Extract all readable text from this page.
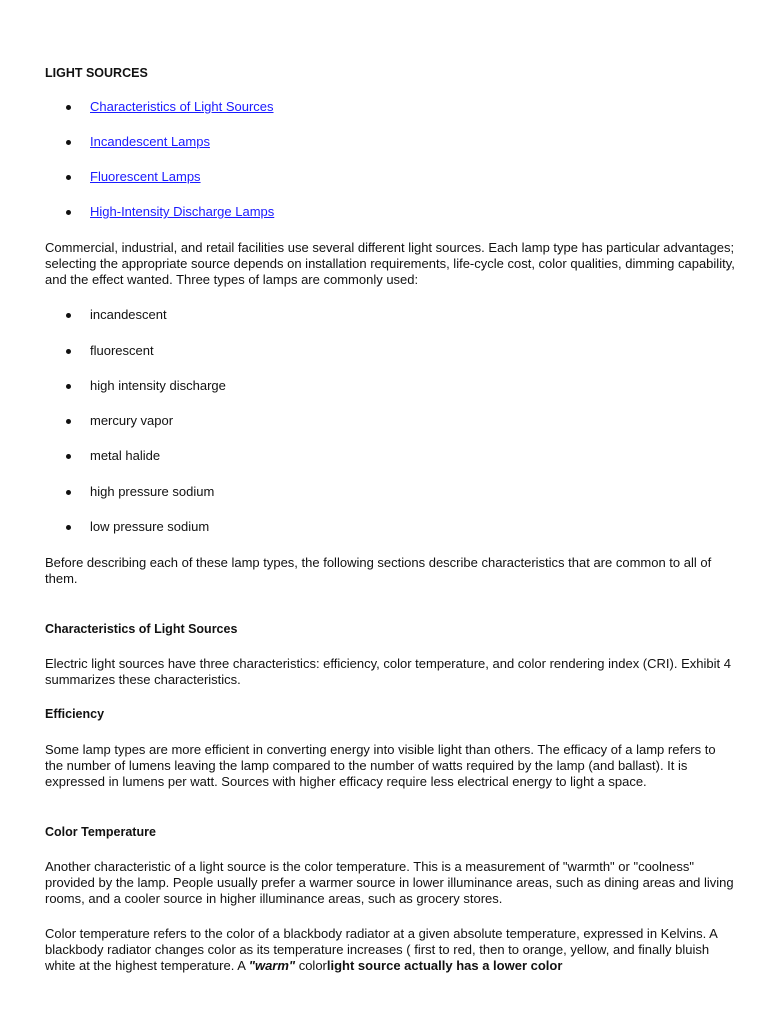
LIGHT SOURCES
Characteristics of Light Sources
Incandescent Lamps
Fluorescent Lamps
High-Intensity Discharge Lamps

Commercial, industrial, and retail facilities use several different light sources. Each lamp type has particular advantages; selecting the appropriate source depends on installation requirements, life-cycle cost, color qualities, dimming capability, and the effect wanted. Three types of lamps are commonly used:

incandescent
fluorescent
high intensity discharge
mercury vapor
metal halide
high pressure sodium
low pressure sodium

Before describing each of these lamp types, the following sections describe characteristics that are common to all of them.

Characteristics of Light Sources

Electric light sources have three characteristics: efficiency, color temperature, and color rendering index (CRI). Exhibit 4 summarizes these characteristics.

Efficiency

Some lamp types are more efficient in converting energy into visible light than others. The efficacy of a lamp refers to the number of lumens leaving the lamp compared to the number of watts required by the lamp (and ballast). It is expressed in lumens per watt. Sources with higher efficacy require less electrical energy to light a space.

Color Temperature

Another characteristic of a light source is the color temperature. This is a measurement of "warmth" or "coolness" provided by the lamp. People usually prefer a warmer source in lower illuminance areas, such as dining areas and living rooms, and a cooler source in higher illuminance areas, such as grocery stores.

Color temperature refers to the color of a blackbody radiator at a given absolute temperature, expressed in Kelvins. A blackbody radiator changes color as its temperature increases ( first to red, then to orange, yellow, and finally bluish white at the highest temperature. A "warm" colorlight source actually has a lower color
